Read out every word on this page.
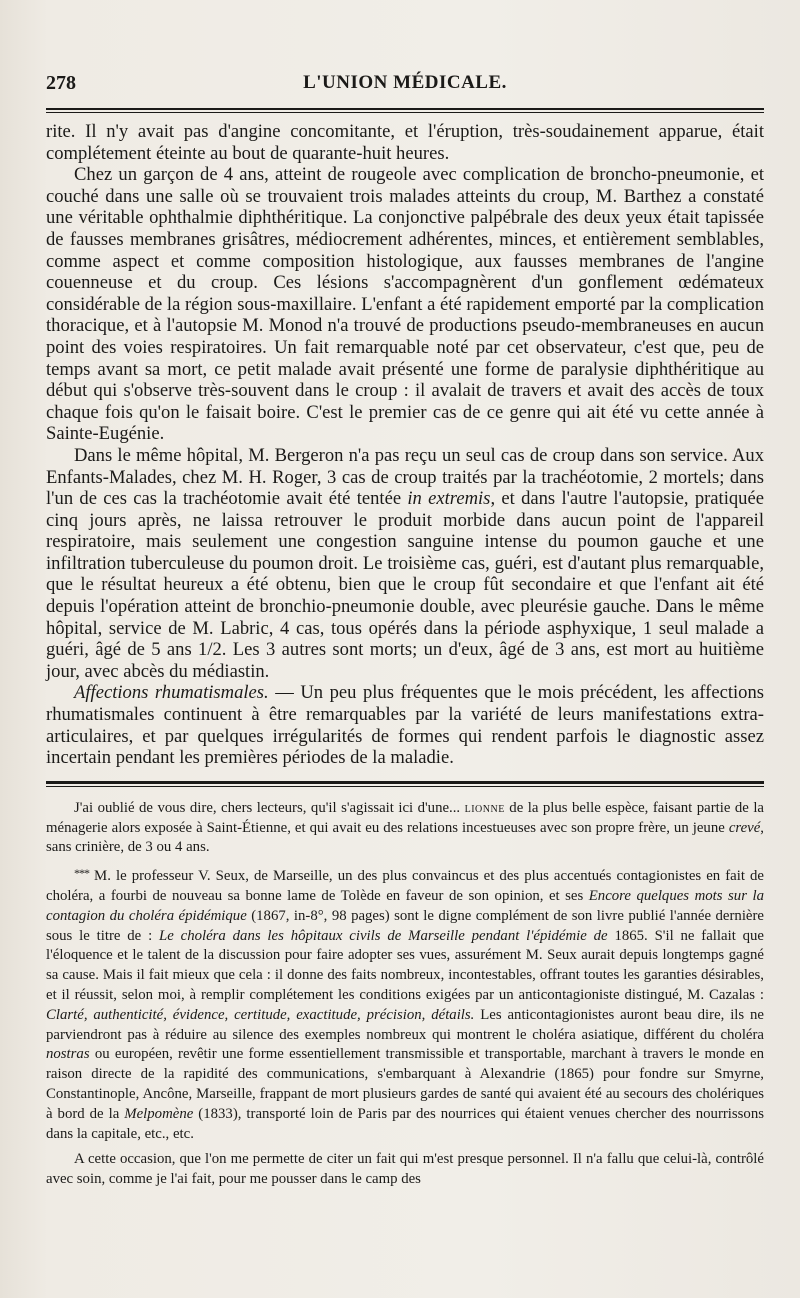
278	L'UNION MÉDICALE.

rite. Il n'y avait pas d'angine concomitante, et l'éruption, très-soudainement apparue, était complétement éteinte au bout de quarante-huit heures.

Chez un garçon de 4 ans, atteint de rougeole avec complication de broncho-pneumonie, et couché dans une salle où se trouvaient trois malades atteints du croup, M. Barthez a constaté une véritable ophthalmie diphthéritique. La conjonctive palpébrale des deux yeux était tapissée de fausses membranes grisâtres, médiocrement adhérentes, minces, et entièrement semblables, comme aspect et comme composition histologique, aux fausses membranes de l'angine couenneuse et du croup. Ces lésions s'accompagnèrent d'un gonflement œdémateux considérable de la région sous-maxillaire. L'enfant a été rapidement emporté par la complication thoracique, et à l'autopsie M. Monod n'a trouvé de productions pseudo-membraneuses en aucun point des voies respiratoires. Un fait remarquable noté par cet observateur, c'est que, peu de temps avant sa mort, ce petit malade avait présenté une forme de paralysie diphthéritique au début qui s'observe très-souvent dans le croup : il avalait de travers et avait des accès de toux chaque fois qu'on le faisait boire. C'est le premier cas de ce genre qui ait été vu cette année à Sainte-Eugénie.

Dans le même hôpital, M. Bergeron n'a pas reçu un seul cas de croup dans son service. Aux Enfants-Malades, chez M. H. Roger, 3 cas de croup traités par la trachéotomie, 2 mortels; dans l'un de ces cas la trachéotomie avait été tentée in extremis, et dans l'autre l'autopsie, pratiquée cinq jours après, ne laissa retrouver le produit morbide dans aucun point de l'appareil respiratoire, mais seulement une congestion sanguine intense du poumon gauche et une infiltration tuberculeuse du poumon droit. Le troisième cas, guéri, est d'autant plus remarquable, que le résultat heureux a été obtenu, bien que le croup fût secondaire et que l'enfant ait été depuis l'opération atteint de bronchio-pneumonie double, avec pleurésie gauche. Dans le même hôpital, service de M. Labric, 4 cas, tous opérés dans la période asphyxique, 1 seul malade a guéri, âgé de 5 ans 1/2. Les 3 autres sont morts; un d'eux, âgé de 3 ans, est mort au huitième jour, avec abcès du médiastin.

Affections rhumatismales. — Un peu plus fréquentes que le mois précédent, les affections rhumatismales continuent à être remarquables par la variété de leurs manifestations extra-articulaires, et par quelques irrégularités de formes qui rendent parfois le diagnostic assez incertain pendant les premières périodes de la maladie.

J'ai oublié de vous dire, chers lecteurs, qu'il s'agissait ici d'une... lionne de la plus belle espèce, faisant partie de la ménagerie alors exposée à Saint-Étienne, et qui avait eu des relations incestueuses avec son propre frère, un jeune crevé, sans crinière, de 3 ou 4 ans.

*** M. le professeur V. Seux, de Marseille, un des plus convaincus et des plus accentués contagionistes en fait de choléra, a fourbi de nouveau sa bonne lame de Tolède en faveur de son opinion, et ses Encore quelques mots sur la contagion du choléra épidémique (1867, in-8°, 98 pages) sont le digne complément de son livre publié l'année dernière sous le titre de : Le choléra dans les hôpitaux civils de Marseille pendant l'épidémie de 1865. S'il ne fallait que l'éloquence et le talent de la discussion pour faire adopter ses vues, assurément M. Seux aurait depuis longtemps gagné sa cause. Mais il fait mieux que cela : il donne des faits nombreux, incontestables, offrant toutes les garanties désirables, et il réussit, selon moi, à remplir complétement les conditions exigées par un anticontagioniste distingué, M. Cazalas : Clarté, authenticité, évidence, certitude, exactitude, précision, détails. Les anticontagionistes auront beau dire, ils ne parviendront pas à réduire au silence des exemples nombreux qui montrent le choléra asiatique, différent du choléra nostras ou européen, revêtir une forme essentiellement transmissible et transportable, marchant à travers le monde en raison directe de la rapidité des communications, s'embarquant à Alexandrie (1865) pour fondre sur Smyrne, Constantinople, Ancône, Marseille, frappant de mort plusieurs gardes de santé qui avaient été au secours des cholériques à bord de la Melpomène (1833), transporté loin de Paris par des nourrices qui étaient venues chercher des nourrissons dans la capitale, etc., etc.

A cette occasion, que l'on me permette de citer un fait qui m'est presque personnel. Il n'a fallu que celui-là, contrôlé avec soin, comme je l'ai fait, pour me pousser dans le camp des
